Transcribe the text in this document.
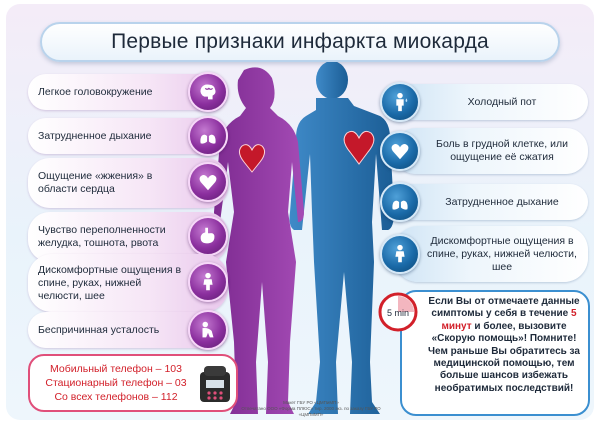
Первые признаки инфаркта миокарда
Легкое головокружение
Затрудненное дыхание
Ощущение «жжения» в области сердца
Чувство переполненности желудка, тошнота, рвота
Дискомфортные ощущения в спине, руках, нижней челюсти, шее
Беспричинная усталость
Мобильный телефон – 103
Стационарный телефон – 03
Со всех телефонов – 112
Холодный пот
Боль в грудной клетке, или ощущение её сжатия
Затрудненное дыхание
Дискомфортные ощущения в спине, руках, нижней челюсти, шее
Если Вы от отмечаете данные симптомы у себя в течение 5 минут и более, вызовите «Скорую помощь»! Помните! Чем раньше Вы обратитесь за медицинской помощью, тем больше шансов избежать необратимых последствий!
5 min
Макет ГБУ РО «ЦМПиМП»
Отпечатано ООО «Форма ПЛЮС» тир. 2000 экз. по заказу ГБУ РО «ЦМПиМП»
